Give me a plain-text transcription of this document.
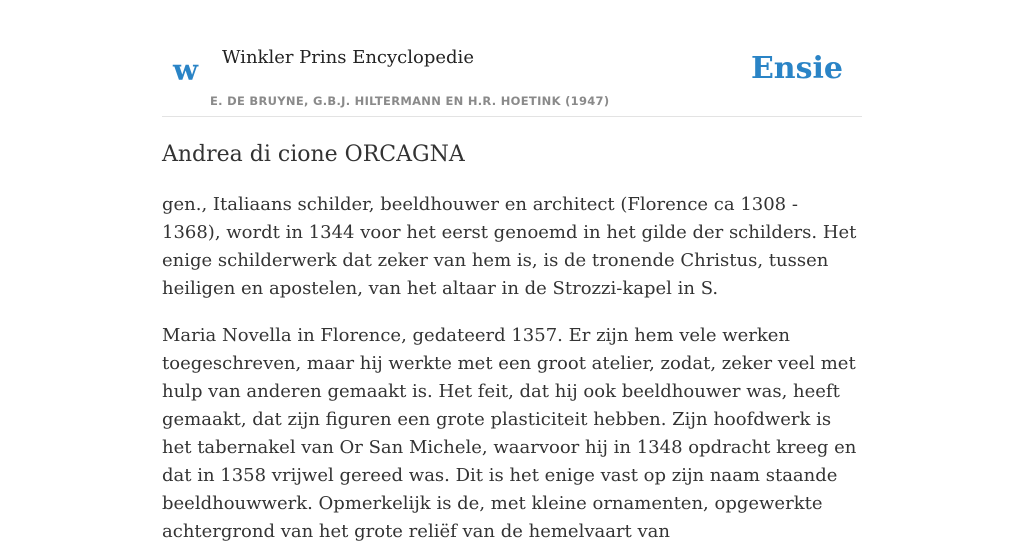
w Winkler Prins Encyclopedie
E. DE BRUYNE, G.B.J. HILTERMANN EN H.R. HOETINK (1947)
Ensie
Andrea di cione ORCAGNA

gen., Italiaans schilder, beeldhouwer en architect (Florence ca 1308 - 1368), wordt in 1344 voor het eerst genoemd in het gilde der schilders. Het enige schilderwerk dat zeker van hem is, is de tronende Christus, tussen heiligen en apostelen, van het altaar in de Strozzi-kapel in S.

Maria Novella in Florence, gedateerd 1357. Er zijn hem vele werken toegeschreven, maar hij werkte met een groot atelier, zodat, zeker veel met hulp van anderen gemaakt is. Het feit, dat hij ook beeldhouwer was, heeft gemaakt, dat zijn figuren een grote plasticiteit hebben. Zijn hoofdwerk is het tabernakel van Or San Michele, waarvoor hij in 1348 opdracht kreeg en dat in 1358 vrijwel gereed was. Dit is het enige vast op zijn naam staande beeldhouwwerk. Opmerkelijk is de, met kleine ornamenten, opgewerkte achtergrond van het grote reliëf van de hemelvaart van
